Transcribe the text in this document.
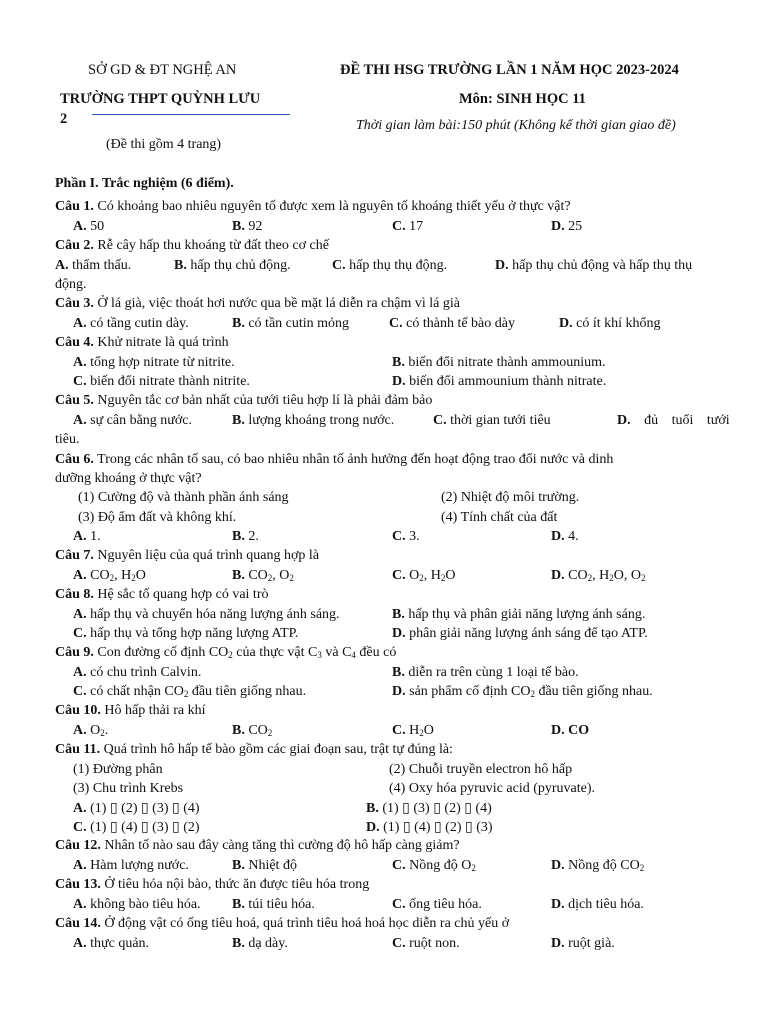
SỞ GD & ĐT NGHỆ AN
TRƯỜNG THPT QUỲNH LƯU
2
(Đề thi gồm 4 trang)
ĐỀ THI HSG TRƯỜNG LẦN 1 NĂM HỌC 2023-2024
Môn: SINH HỌC 11
Thời gian làm bài:150 phút (Không kể thời gian giao đề)
Phần I. Trắc nghiệm (6 điểm).
Câu 1. Có khoảng bao nhiêu nguyên tố được xem là nguyên tố khoáng thiết yếu ở thực vật?
A. 50	B. 92	C. 17	D. 25
Câu 2. Rễ cây hấp thu khoáng từ đất theo cơ chế
A. thẩm thấu.	B. hấp thụ chủ động.	C. hấp thụ thụ động.	D. hấp thụ chủ động và hấp thụ thụ
động.
Câu 3. Ở lá già, việc thoát hơi nước qua bề mặt lá diễn ra chậm vì lá già
A. có tầng cutin dày.	B. có tần cutin mỏng	C. có thành tế bào dày	D. có ít khí khổng
Câu 4. Khử nitrate là quá trình
A. tổng hợp nitrate từ nitrite.	B. biến đổi nitrate thành ammounium.
C. biến đổi nitrate thành nitrite.	D. biến đổi ammounium thành nitrate.
Câu 5. Nguyên tắc cơ bản nhất của tưới tiêu hợp lí là phải đảm bảo
A. sự cân bằng nước.	B. lượng khoáng trong nước.	C. thời gian tưới tiêu	D. đủ tuổi tưới
tiêu.
Câu 6. Trong các nhân tố sau, có bao nhiêu nhân tố ảnh hưởng đến hoạt động trao đổi nước và dinh
dưỡng khoáng ở thực vật?
(1) Cường độ và thành phần ánh sáng	(2) Nhiệt độ môi trường.
(3) Độ ẩm đất và không khí.	(4) Tính chất của đất
A. 1.	B. 2.	C. 3.	D. 4.
Câu 7. Nguyên liệu của quá trình quang hợp là
A. $CO_2$, $H_2O$	B. $CO_2$, $O_2$	C. $O_2$, $H_2O$	D. $CO_2$, $H_2O$, $O_2$
Câu 8. Hệ sắc tố quang hợp có vai trò
A. hấp thụ và chuyển hóa năng lượng ánh sáng.	B. hấp thụ và phân giải năng lượng ánh sáng.
C. hấp thụ và tổng hợp năng lượng ATP.	D. phân giải năng lượng ánh sáng để tạo ATP.
Câu 9. Con đường cố định $CO_2$ của thực vật $C_3$ và $C_4$ đều có
A. có chu trình Calvin.	B. diễn ra trên cùng 1 loại tế bào.
C. có chất nhận $CO_2$ đầu tiên giống nhau.	D. sản phẩm cố định $CO_2$ đầu tiên giống nhau.
Câu 10. Hô hấp thải ra khí
A. $O_2$.	B. $CO_2$	C. $H_2O$	D. CO
Câu 11. Quá trình hô hấp tế bào gồm các giai đoạn sau, trật tự đúng là:
(1) Đường phân	(2) Chuỗi truyền electron hô hấp
(3) Chu trình Krebs	(4) Oxy hóa pyruvic acid (pyruvate).
A. (1) ▯ (2) ▯ (3) ▯ (4)	B. (1) ▯ (3) ▯ (2) ▯ (4)
C. (1) ▯ (4) ▯ (3) ▯ (2)	D. (1) ▯ (4) ▯ (2) ▯ (3)
Câu 12. Nhân tố nào sau đây càng tăng thì cường độ hô hấp càng giảm?
A. Hàm lượng nước.	B. Nhiệt độ	C. Nồng độ $O_2$	D. Nồng độ $CO_2$
Câu 13. Ở tiêu hóa nội bào, thức ăn được tiêu hóa trong
A. không bào tiêu hóa. B. túi tiêu hóa.	C. ống tiêu hóa.	D. dịch tiêu hóa.
Câu 14. Ở động vật có ống tiêu hoá, quá trình tiêu hoá hoá học diễn ra chủ yếu ở
A. thực quản.	B. dạ dày.	C. ruột non.	D. ruột già.
